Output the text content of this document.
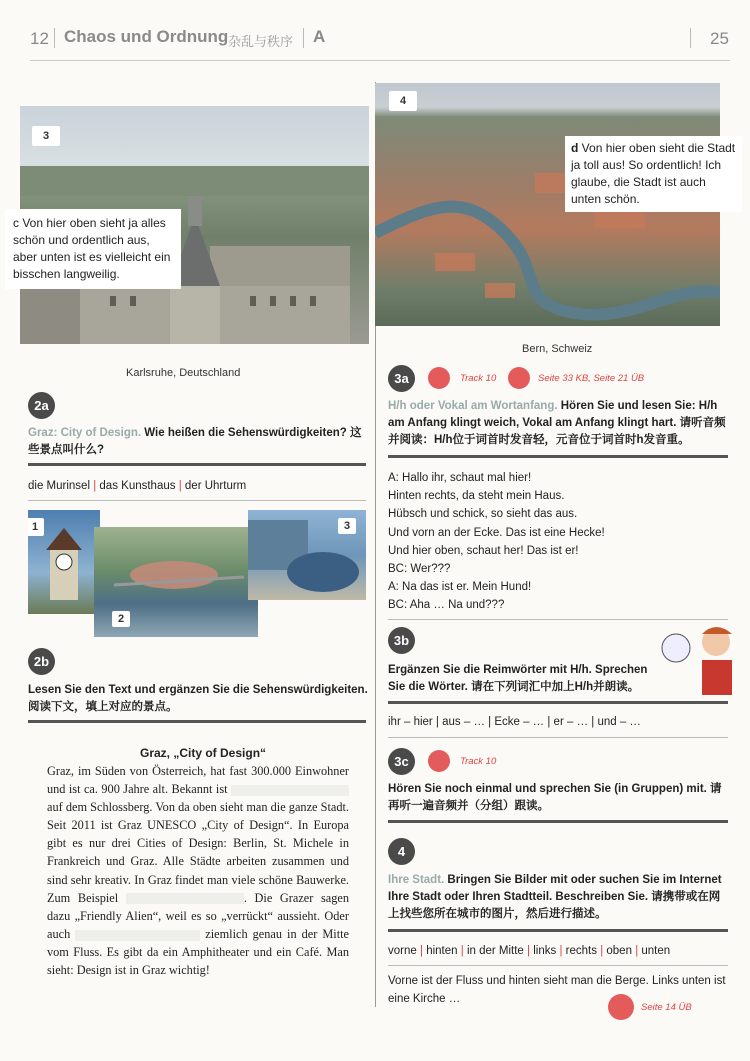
12 Chaos und Ordnung 杂乱与秩序 A	25
3
c Von hier oben sieht ja alles schön und ordentlich aus, aber unten ist es vielleicht ein bisschen langweilig.
Karlsruhe, Deutschland
4
d Von hier oben sieht die Stadt ja toll aus! So ordentlich! Ich glaube, die Stadt ist auch unten schön.
Bern, Schweiz
2a
Graz: City of Design. Wie heißen die Sehenswürdigkeiten? 这些景点叫什么?
die Murinsel | das Kunsthaus | der Uhrturm
1
2
3
2b
Lesen Sie den Text und ergänzen Sie die Sehenswürdigkeiten.
阅读下文，填上对应的景点。
Graz, „City of Design“
Graz, im Süden von Österreich, hat fast 300.000 Einwohner und ist ca. 900 Jahre alt. Bekannt ist  auf dem Schlossberg. Von da oben sieht man die ganze Stadt. Seit 2011 ist Graz UNESCO „City of Design“. In Europa gibt es nur drei Cities of Design: Berlin, St. Michele in Frankreich und Graz. Alle Städte arbeiten zusammen und sind sehr kreativ. In Graz findet man viele schöne Bauwerke. Zum Beispiel	. Die Grazer sagen dazu „Friendly Alien“, weil es so „verrückt“ aussieht. Oder auch	ziemlich genau in der Mitte vom Fluss. Es gibt da ein Amphitheater und ein Café. Man sieht: Design ist in Graz wichtig!
3a	Track 10	Seite 33 KB, Seite 21 ÜB
H/h oder Vokal am Wortanfang. Hören Sie und lesen Sie: H/h am Anfang klingt weich, Vokal am Anfang klingt hart. 请听音频并阅读：H/h位于词首时发音轻，元音位于词首时h发音重。
A: Hallo ihr, schaut mal hier!
Hinten rechts, da steht mein Haus.
Hübsch und schick, so sieht das aus.
Und vorn an der Ecke. Das ist eine Hecke!
Und hier oben, schaut her! Das ist er!
BC: Wer???
A: Na das ist er. Mein Hund!
BC: Aha … Na und???
3b
Ergänzen Sie die Reimwörter mit H/h. Sprechen Sie die Wörter. 请在下列词汇中加上H/h并朗读。
ihr – hier | aus – … | Ecke – … | er – … | und – …
3c	Track 10
Hören Sie noch einmal und sprechen Sie (in Gruppen) mit. 请再听一遍音频并（分组）跟读。
4
Ihre Stadt. Bringen Sie Bilder mit oder suchen Sie im Internet Ihre Stadt oder Ihren Stadtteil. Beschreiben Sie. 请携带或在网上找些您所在城市的图片，然后进行描述。
vorne | hinten | in der Mitte | links | rechts | oben | unten
Vorne ist der Fluss und hinten sieht man die Berge. Links unten ist eine Kirche …
Seite 14 ÜB
